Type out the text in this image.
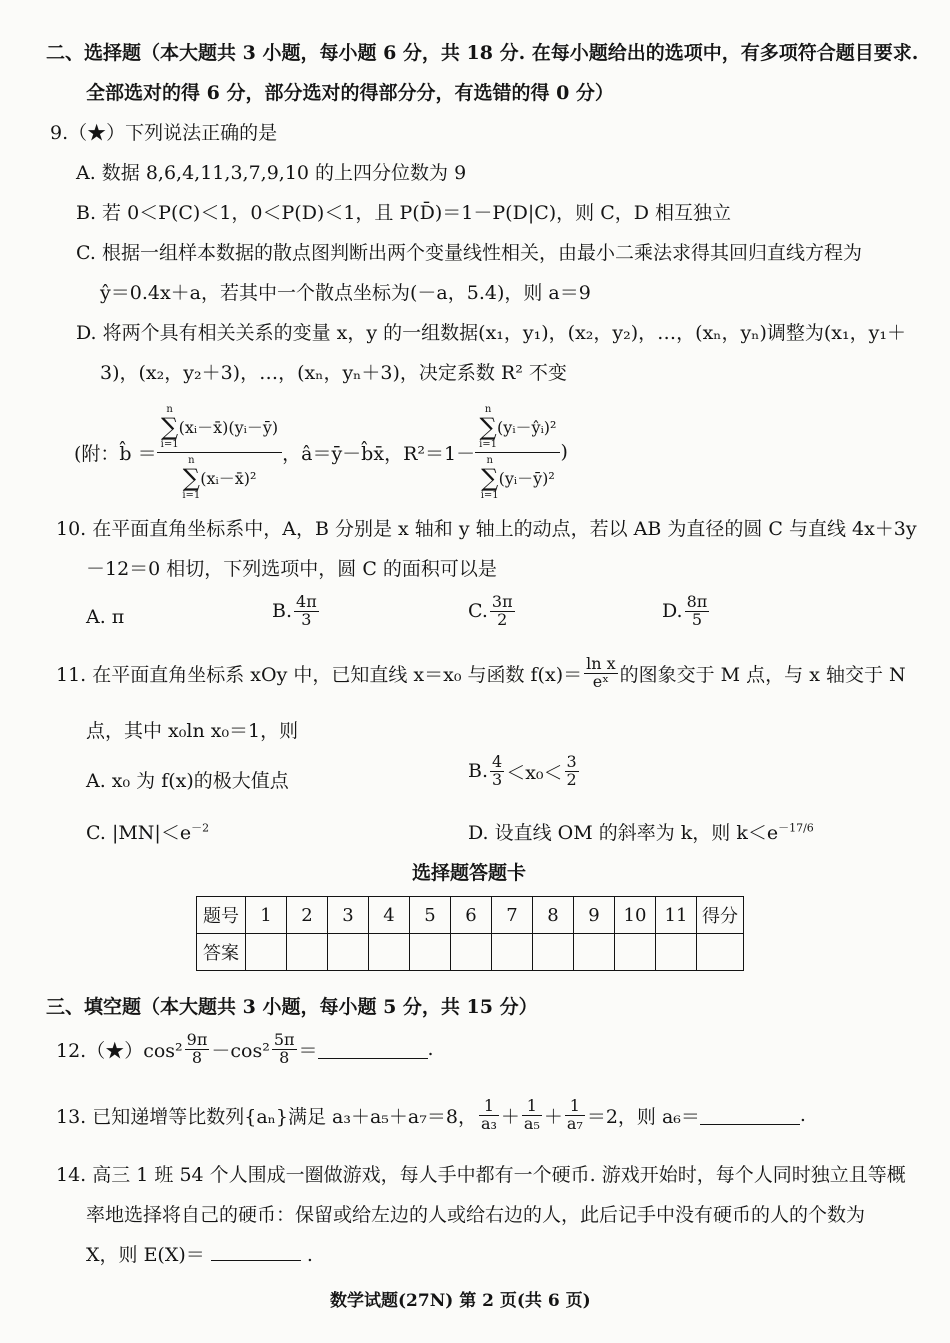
二、选择题（本大题共 3 小题，每小题 6 分，共 18 分. 在每小题给出的选项中，有多项符合题目要求.
全部选对的得 6 分，部分选对的得部分分，有选错的得 0 分）
9.（★）下列说法正确的是
A. 数据 8,6,4,11,3,7,9,10 的上四分位数为 9
B. 若 0＜P(C)＜1，0＜P(D)＜1，且 P(D̄)＝1－P(D|C)，则 C，D 相互独立
C. 根据一组样本数据的散点图判断出两个变量线性相关，由最小二乘法求得其回归直线方程为
ŷ＝0.4x＋a，若其中一个散点坐标为(－a，5.4)，则 a＝9
D. 将两个具有相关关系的变量 x，y 的一组数据(x₁，y₁)，(x₂，y₂)，…，(xₙ，yₙ)调整为(x₁，y₁＋
3)，(x₂，y₂＋3)，…，(xₙ，yₙ＋3)，决定系数 R² 不变
(附：b̂ ＝ n
∑
i=1
(xᵢ－x̄)(yᵢ－ȳ)
n
∑
i=1
(xᵢ－x̄)² ，â＝ȳ－b̂x̄，R²＝1－ n
∑
i=1
(yᵢ－ŷᵢ)²
n
∑
i=1
(yᵢ－ȳ)² )
10. 在平面直角坐标系中，A，B 分别是 x 轴和 y 轴上的动点，若以 AB 为直径的圆 C 与直线 4x＋3y
－12＝0 相切，下列选项中，圆 C 的面积可以是
A. π	B. $\frac{4\pi}{3}$	C. $\frac{3\pi}{2}$	D. $\frac{8\pi}{5}$
11. 在平面直角坐标系 xOy 中，已知直线 x＝x₀ 与函数 $f(x)= \frac{\text{ln x}}{\text{eˣ}}$ 的图象交于 M 点，与 x 轴交于 N
点，其中 x₀ln x₀＝1，则
A. x₀ 为 f(x)的极大值点	B. $\frac{4}{3} <x_0< \frac{3}{2}$
C. $|MN|<e^{-2}$	D. 设直线 OM 的斜率为 k，则 $k<e^{-17/6}$
选择题答题卡
题号	1	2	3	4	5	6	7	8	9	10	11	得分
答案												
三、填空题（本大题共 3 小题，每小题 5 分，共 15 分）
12.（★）cos² $\frac{9\pi}{8} -\cos^2 \frac{5\pi}{8}$ ＝	.
13. 已知递增等比数列{aₙ}满足 a₃＋a₅＋a₇＝8， $\frac{1}{\text{a₃}} + \frac{1}{\text{a₅}} + \frac{1}{\text{a₇}} =2$，则 a₆＝	.
14. 高三 1 班 54 个人围成一圈做游戏，每人手中都有一个硬币. 游戏开始时，每个人同时独立且等概
率地选择将自己的硬币：保留或给左边的人或给右边的人，此后记手中没有硬币的人的个数为
X，则 E(X)＝	.
数学试题(27N) 第 2 页(共 6 页)
